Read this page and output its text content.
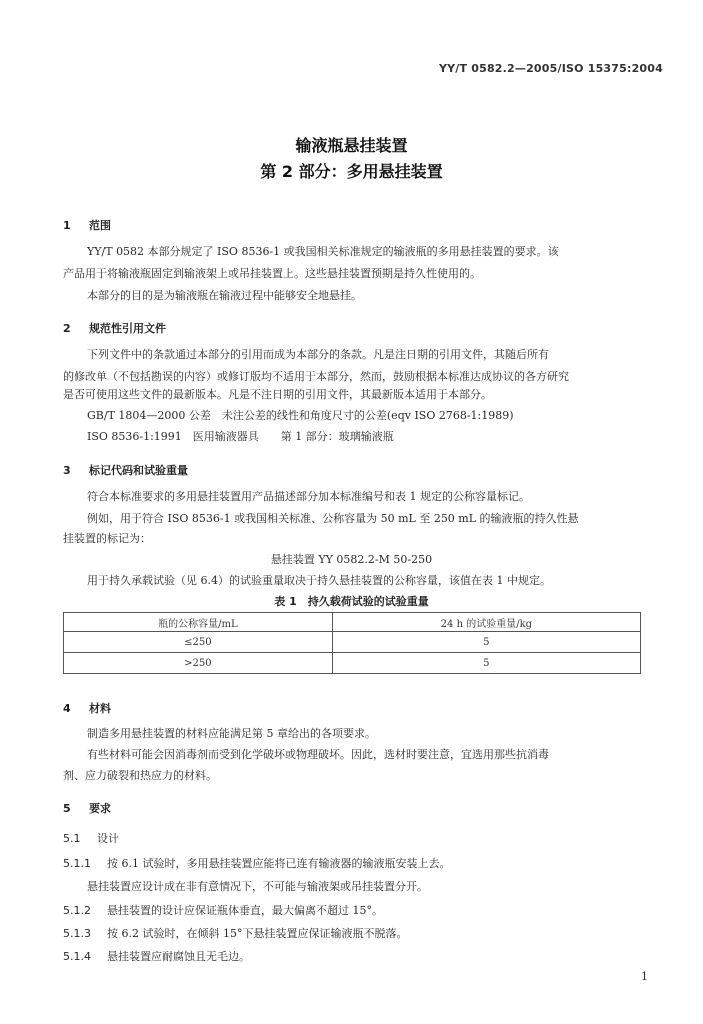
YY/T 0582.2—2005/ISO 15375:2004
输液瓶悬挂装置
第 2 部分：多用悬挂装置
1 范围
YY/T 0582 本部分规定了 ISO 8536-1 或我国相关标准规定的输液瓶的多用悬挂装置的要求。该
产品用于将输液瓶固定到输液架上或吊挂装置上。这些悬挂装置预期是持久性使用的。
本部分的目的是为输液瓶在输液过程中能够安全地悬挂。
2 规范性引用文件
下列文件中的条款通过本部分的引用而成为本部分的条款。凡是注日期的引用文件，其随后所有
的修改单（不包括勘误的内容）或修订版均不适用于本部分，然而，鼓励根据本标准达成协议的各方研究
是否可使用这些文件的最新版本。凡是不注日期的引用文件，其最新版本适用于本部分。
GB/T 1804—2000 公差　未注公差的线性和角度尺寸的公差(eqv ISO 2768-1:1989)
ISO 8536-1:1991　医用输液器具　　第 1 部分：玻璃输液瓶
3 标记代码和试验重量
符合本标准要求的多用悬挂装置用产品描述部分加本标准编号和表 1 规定的公称容量标记。
例如，用于符合 ISO 8536-1 或我国相关标准、公称容量为 50 mL 至 250 mL 的输液瓶的持久性悬
挂装置的标记为：
悬挂装置 YY 0582.2-M 50-250
用于持久承载试验（见 6.4）的试验重量取决于持久悬挂装置的公称容量，该值在表 1 中规定。
表 1　持久载荷试验的试验重量
瓶的公称容量/mL	24 h 的试验重量/kg
≤250	5
>250	5
4 材料
制造多用悬挂装置的材料应能满足第 5 章给出的各项要求。
有些材料可能会因消毒剂而受到化学破坏或物理破坏。因此，选材时要注意，宜选用那些抗消毒
剂、应力破裂和热应力的材料。
5 要求
5.1 设计
5.1.1 按 6.1 试验时，多用悬挂装置应能将已连有输液器的输液瓶安装上去。
悬挂装置应设计成在非有意情况下，不可能与输液架或吊挂装置分开。
5.1.2 悬挂装置的设计应保证瓶体垂直，最大偏离不超过 15°。
5.1.3 按 6.2 试验时，在倾斜 15°下悬挂装置应保证输液瓶不脱落。
5.1.4 悬挂装置应耐腐蚀且无毛边。
1
